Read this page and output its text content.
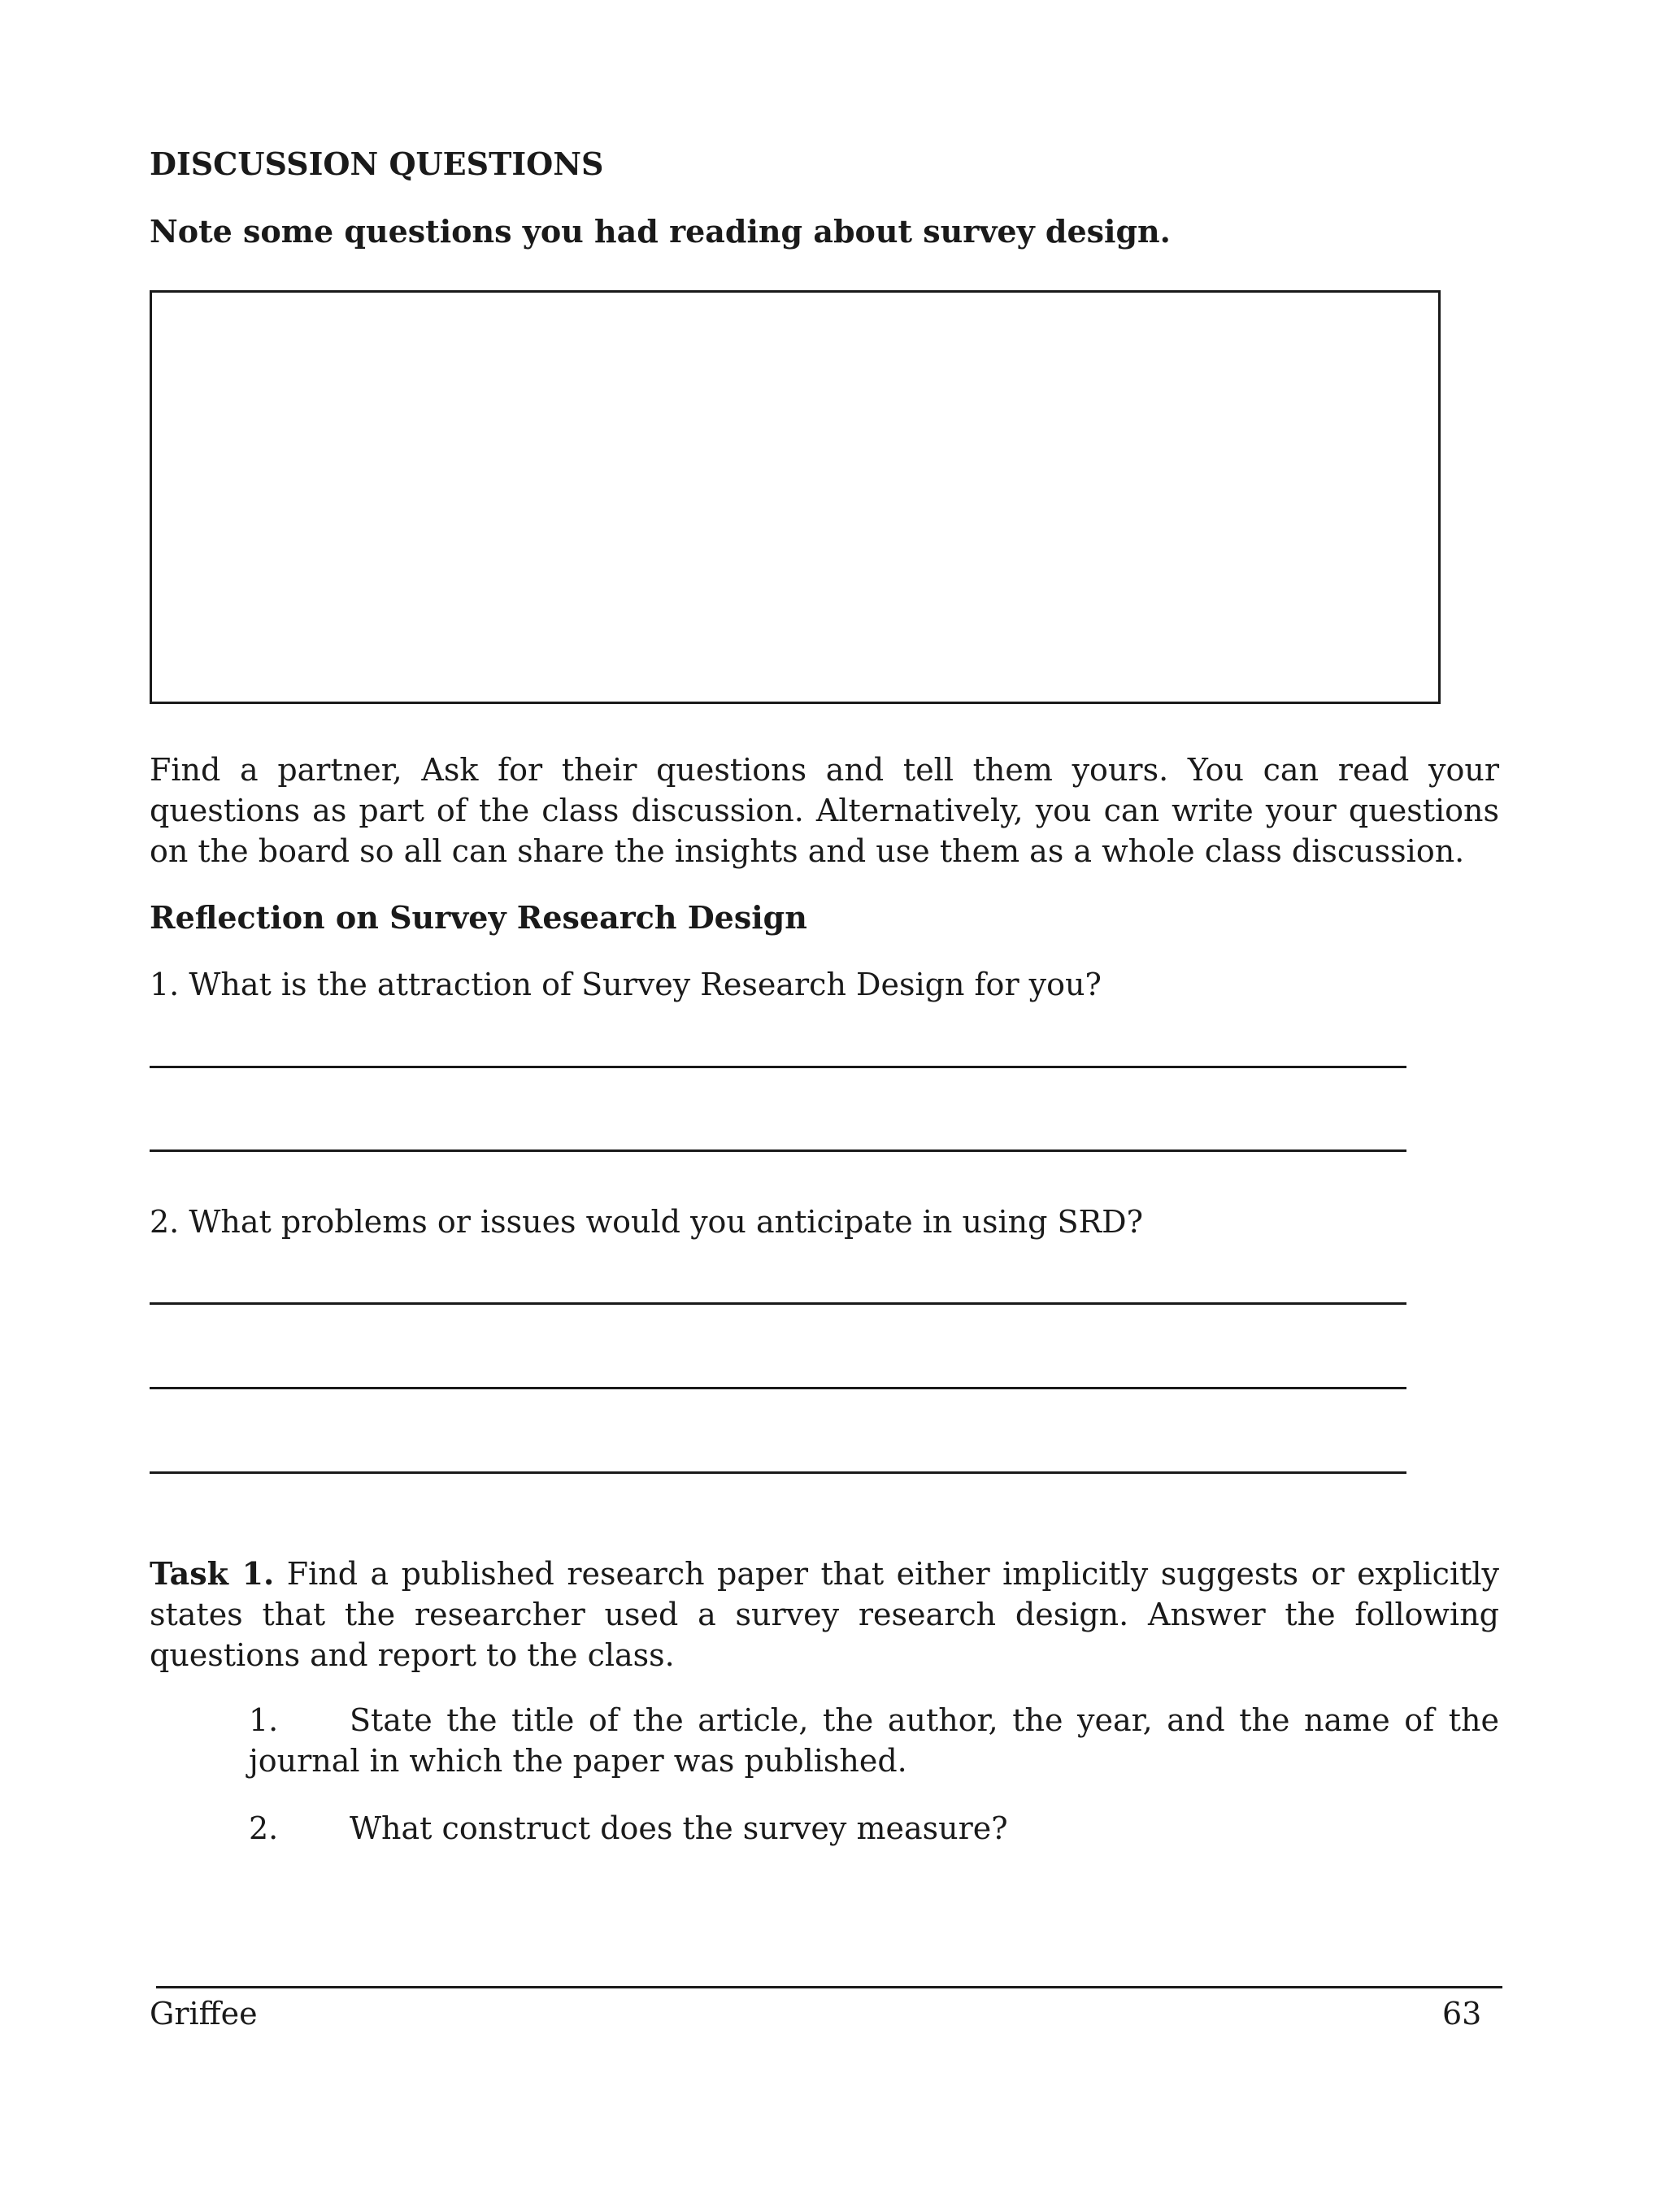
DISCUSSION QUESTIONS
Note some questions you had reading about survey design.
Find a partner, Ask for their questions and tell them yours. You can read your questions as part of the class discussion. Alternatively, you can write your questions on the board so all can share the insights and use them as a whole class discussion.
Reflection on Survey Research Design
1. What is the attraction of Survey Research Design for you?
2. What problems or issues would you anticipate in using SRD?
Task 1. Find a published research paper that either implicitly suggests or explicitly states that the researcher used a survey research design. Answer the following questions and report to the class.
1. State the title of the article, the author, the year, and the name of the journal in which the paper was published.
2. What construct does the survey measure?
Griffee	63
